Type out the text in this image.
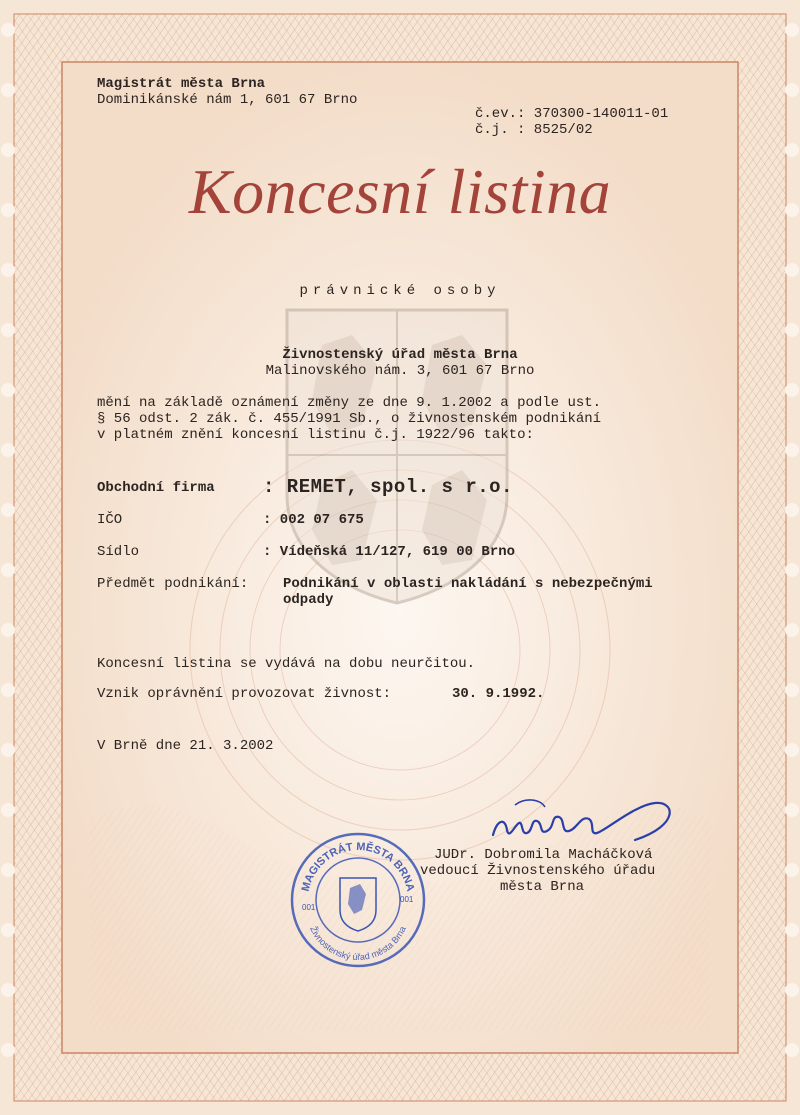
Magistrát města Brna
Dominikánské nám 1, 601 67 Brno
č.ev.: 370300-140011-01
č.j. : 8525/02
Koncesní listina
právnické osoby
Živnostenský úřad města Brna
Malinovského nám. 3, 601 67 Brno
mění na základě oznámení změny ze dne 9. 1.2002 a podle ust.
§ 56 odst. 2 zák. č. 455/1991 Sb., o živnostenském podnikání
v platném znění koncesní listinu č.j. 1922/96 takto:
Obchodní firma	: REMET, spol. s r.o.
IČO	: 002 07 675
Sídlo	: Vídeňská 11/127, 619 00 Brno
Předmět podnikání: Podnikání v oblasti nakládání s nebezpečnými
odpady
Koncesní listina se vydává na dobu neurčitou.
Vznik oprávnění provozovat živnost:	30. 9.1992.
V Brně dne 21. 3.2002
JUDr. Dobromila Macháčková
vedoucí Živnostenského úřadu
města Brna
MAGISTRÁT MĚSTA BRNA
Živnostenský úřad města Brna
001
001
